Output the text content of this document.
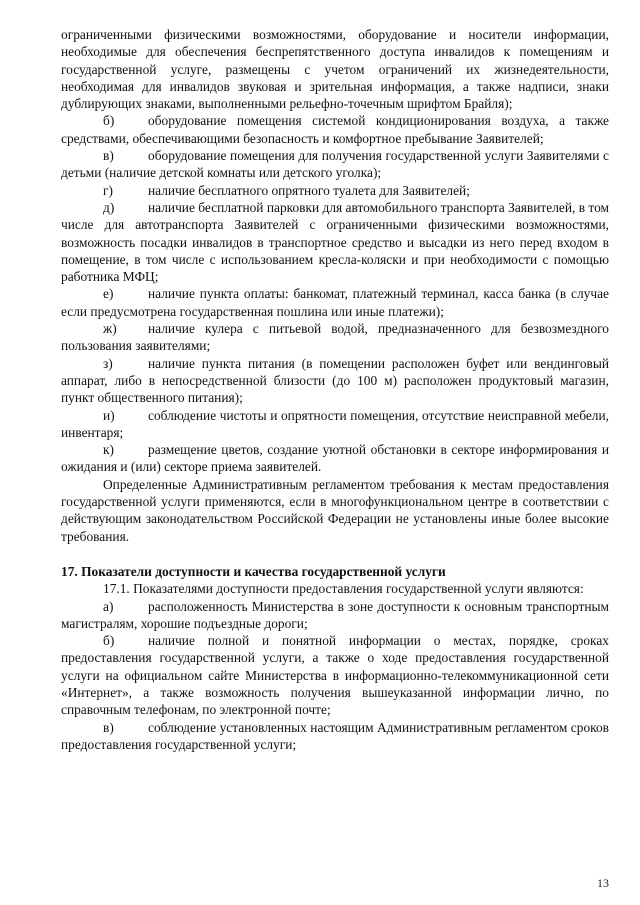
ограниченными физическими возможностями, оборудование и носители информации, необходимые для обеспечения беспрепятственного доступа инвалидов к помещениям и государственной услуге, размещены с учетом ограничений их жизнедеятельности, необходимая для инвалидов звуковая и зрительная информация, а также надписи, знаки дублирующих знаками, выполненными рельефно-точечным шрифтом Брайля);

б)	оборудование помещения системой кондиционирования воздуха, а также средствами, обеспечивающими безопасность и комфортное пребывание Заявителей;

в)	оборудование помещения для получения государственной услуги Заявителями с детьми (наличие детской комнаты или детского уголка);

г)	наличие бесплатного опрятного туалета для Заявителей;

д)	наличие бесплатной парковки для автомобильного транспорта Заявителей, в том числе для автотранспорта Заявителей с ограниченными физическими возможностями, возможность посадки инвалидов в транспортное средство и высадки из него перед входом в помещение, в том числе с использованием кресла-коляски и при необходимости с помощью работника МФЦ;

е)	наличие пункта оплаты: банкомат, платежный терминал, касса банка (в случае если предусмотрена государственная пошлина или иные платежи);

ж) наличие кулера с питьевой водой, предназначенного для безвозмездного пользования заявителями;

з)	наличие пункта питания (в помещении расположен буфет или вендинговый аппарат, либо в непосредственной близости (до 100 м) расположен продуктовый магазин, пункт общественного питания);

и) соблюдение чистоты и опрятности помещения, отсутствие неисправной мебели, инвентаря;

к)	размещение цветов, создание уютной обстановки в секторе информирования и ожидания и (или) секторе приема заявителей.

Определенные Административным регламентом требования к местам предоставления государственной услуги применяются, если в многофункциональном центре в соответствии с действующим законодательством Российской Федерации не установлены иные более высокие требования.

17. Показатели доступности и качества государственной услуги

17.1. Показателями доступности предоставления государственной услуги являются:

а)	расположенность Министерства в зоне доступности к основным транспортным магистралям, хорошие подъездные дороги;

б)	наличие полной и понятной информации о местах, порядке, сроках предоставления государственной услуги, а также о ходе предоставления государственной услуги на официальном сайте Министерства в информационно-телекоммуникационной сети «Интернет», а также возможность получения вышеуказанной информации лично, по справочным телефонам, по электронной почте;

в)	соблюдение установленных настоящим Административным регламентом сроков предоставления государственной услуги;

13
